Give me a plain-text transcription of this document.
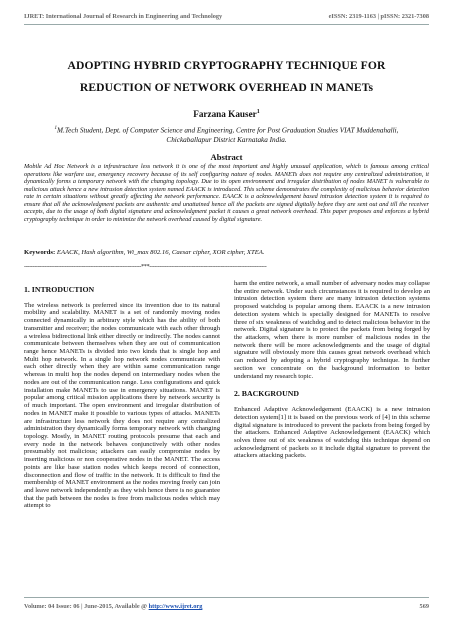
IJRET: International Journal of Research in Engineering and Technology	eISSN: 2319-1163 | pISSN: 2321-7308
ADOPTING HYBRID CRYPTOGRAPHY TECHNIQUE FOR
REDUCTION OF NETWORK OVERHEAD IN MANETs
Farzana Kauser$^1$
$^1$M.Tech Student, Dept. of Computer Science and Engineering, Centre for Post Graduation Studies VIAT Muddenahalli, Chickaballapur District Karnataka India.
Abstract
Mobile Ad Hoc Network is a infrastructure less network it is one of the most important and highly unusual application, which is famous among critical operations like warfare use, emergency recovery because of its self configuring nature of nodes. MANETs does not require any centralized administration, it dynamically forms a temporary network with the changing topology. Due to its open environment and irregular distribution of nodes MANET is vulnerable to malicious attack hence a new intrusion detection system named EAACK is introduced. This scheme demonstrates the complexity of malicious behavior detection rate in certain situations without greatly affecting the network performance. EAACK is a acknowledgement based intrusion detection system it is required to ensure that all the acknowledgment packets are authentic and unattained hence all the packets are signed digitally before they are sent out and till the receiver accepts, due to the usage of both digital signature and acknowledgment packet it causes a great network overhead. This paper proposes and enforces a hybrid cryptography technique in order to minimize the network overhead caused by digital signature.
Keywords: EAACK, Hash algorithm, Wi_max 802.16, Caesar cipher, XOR cipher, XTEA.
---------------------------------------------------------------------***---------------------------------------------------------------------
1. INTRODUCTION

The wireless network is preferred since its invention due to its natural mobility and scalability. MANET is a set of randomly moving nodes connected dynamically in arbitrary style which has the ability of both transmitter and receiver; the nodes communicate with each other through a wireless bidirectional link either directly or indirectly. The nodes cannot communicate between themselves when they are out of communication range hence MANETs is divided into two kinds that is single hop and Multi hop network. In a single hop network nodes communicate with each other directly when they are within same communication range whereas in multi hop the nodes depend on intermediary nodes when the nodes are out of the communication range. Less configurations and quick installation make MANETs to use in emergency situations. MANET is popular among critical mission applications there by network security is of much important. The open environment and irregular distribution of nodes in MANET make it possible to various types of attacks. MANETs are infrastructure less network they does not require any centralized administration they dynamically forms temporary network with changing topology. Mostly, in MANET routing protocols presume that each and every node in the network behaves conjunctively with other nodes presumably not malicious; attackers can easily compromise nodes by inserting malicious or non cooperative nodes in the MANET. The access points are like base station nodes which keeps record of connection, disconnection and flow of traffic in the network. It is difficult to find the membership of MANET environment as the nodes moving freely can join and leave network independently as they wish hence there is no guarantee that the path between the nodes is free from malicious nodes which may attempt to

harm the entire network, a small number of adversary nodes may collapse the entire network. Under such circumstances it is required to develop an intrusion detection system there are many intrusion detection systems proposed watchdog is popular among them. EAACK is a new intrusion detection system which is specially designed for MANETs to resolve three of six weakness of watchdog and to detect malicious behavior in the network. Digital signature is to protect the packets from being forged by the attackers, when there is more number of malicious nodes in the network there will be more acknowledgments and the usage of digital signature will obviously more this causes great network overhead which can reduced by adopting a hybrid cryptography technique. In further section we concentrate on the background information to better understand my research topic.

2. BACKGROUND

Enhanced Adaptive Acknowledgement (EAACK) is a new intrusion detection system[1] it is based on the previous work of [4] in this scheme digital signature is introduced to prevent the packets from being forged by the attackers. Enhanced Adaptive Acknowledgement (EAACK) which solves three out of six weakness of watchdog this technique depend on acknowledgment of packets so it include digital signature to prevent the attackers attacking packets.

Volume: 04 Issue: 06 | June-2015, Available @ http://www.ijret.org	569
